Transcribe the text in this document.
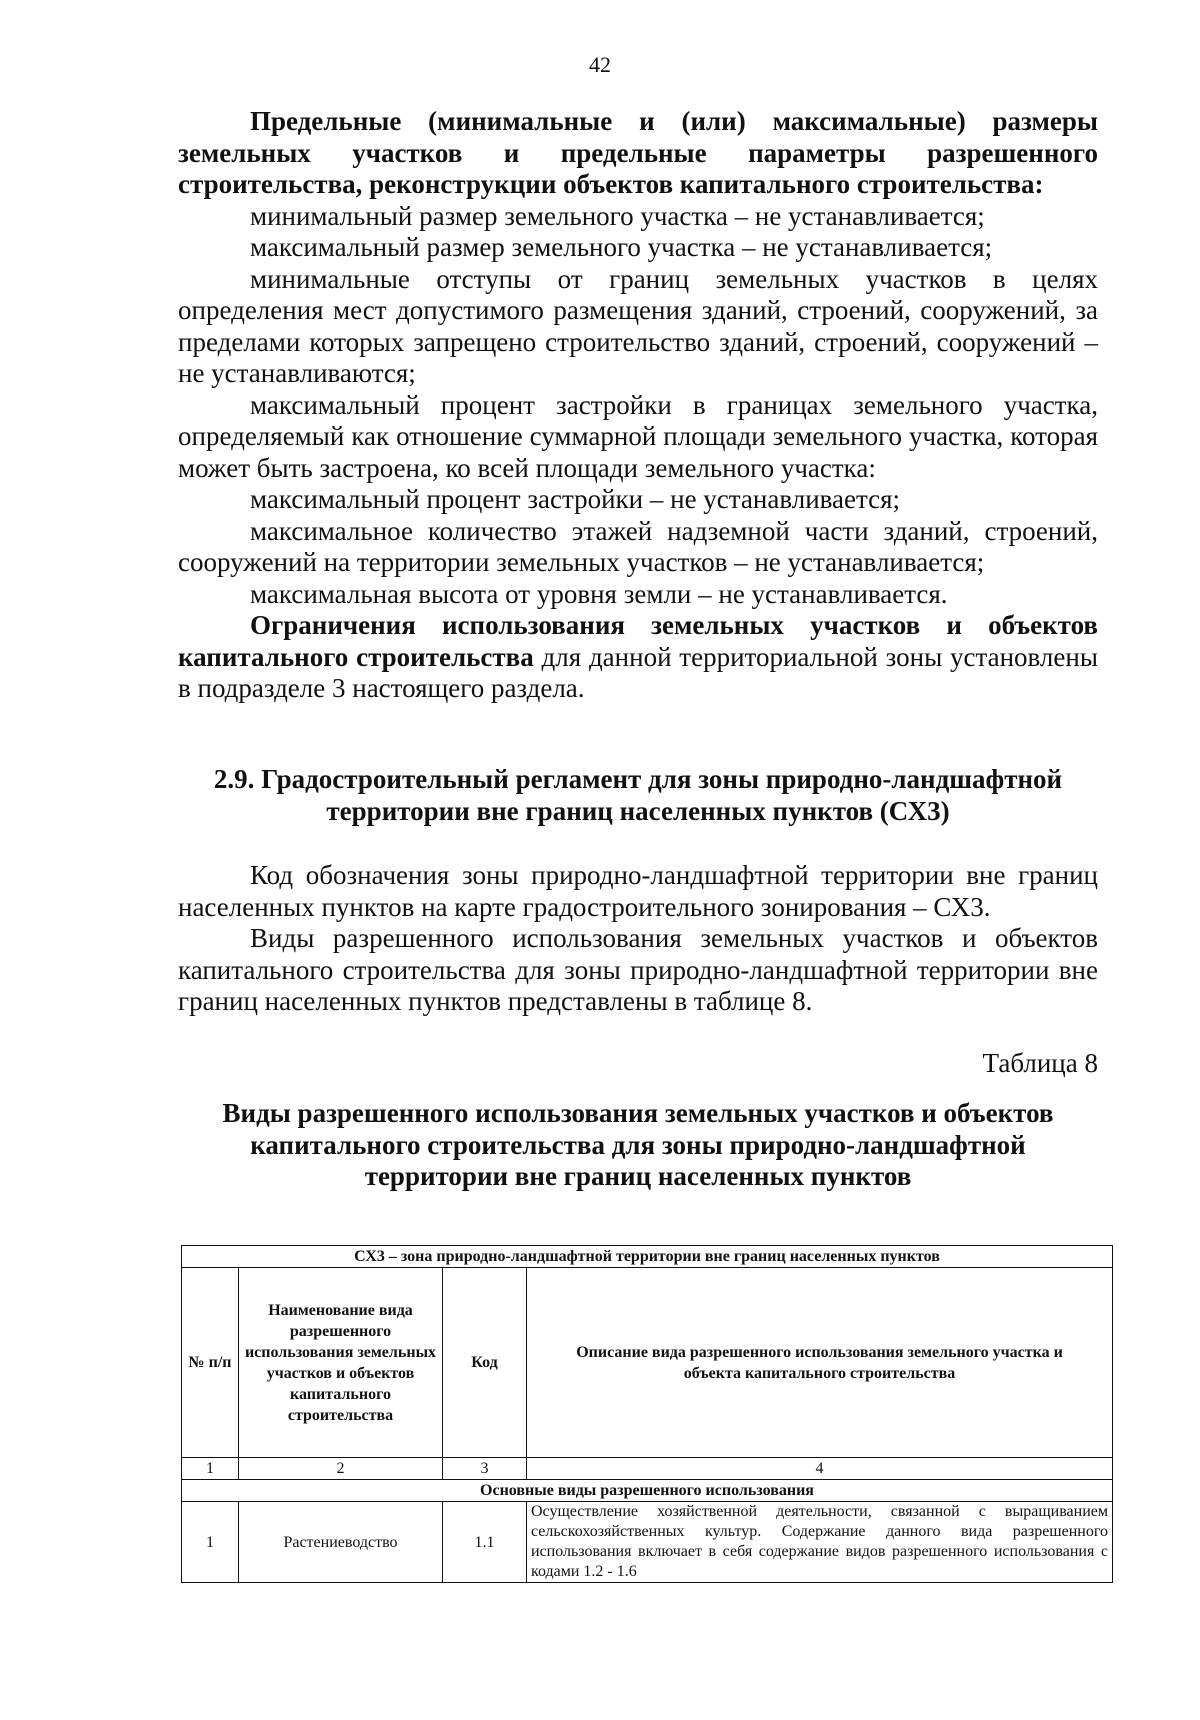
42

Предельные (минимальные и (или) максимальные) размеры земельных участков и предельные параметры разрешенного строительства, реконструкции объектов капитального строительства:

минимальный размер земельного участка – не устанавливается;

максимальный размер земельного участка – не устанавливается;

минимальные отступы от границ земельных участков в целях определения мест допустимого размещения зданий, строений, сооружений, за пределами которых запрещено строительство зданий, строений, сооружений – не устанавливаются;

максимальный процент застройки в границах земельного участка, определяемый как отношение суммарной площади земельного участка, которая может быть застроена, ко всей площади земельного участка:

максимальный процент застройки – не устанавливается;

максимальное количество этажей надземной части зданий, строений, сооружений на территории земельных участков – не устанавливается;

максимальная высота от уровня земли – не устанавливается.

Ограничения использования земельных участков и объектов капитального строительства для данной территориальной зоны установлены в подразделе 3 настоящего раздела.

2.9. Градостроительный регламент для зоны природно-ландшафтной территории вне границ населенных пунктов (СХ3)

Код обозначения зоны природно-ландшафтной территории вне границ населенных пунктов на карте градостроительного зонирования – СХ3.

Виды разрешенного использования земельных участков и объектов капитального строительства для зоны природно-ландшафтной территории вне границ населенных пунктов представлены в таблице 8.

Таблица 8
Виды разрешенного использования земельных участков и объектов капитального строительства для зоны природно-ландшафтной территории вне границ населенных пунктов
СХ3 – зона природно-ландшафтной территории вне границ населенных пунктов			
№ п/п	Наименование вида разрешенного использования земельных участков и объектов капитального строительства	Код	Описание вида разрешенного использования земельного участка и объекта капитального строительства
1	2	3	4
Основные виды разрешенного использования			
1	Растениеводство	1.1	Осуществление хозяйственной деятельности, связанной с выращиванием сельскохозяйственных культур. Содержание данного вида разрешенного использования включает в себя содержание видов разрешенного использования с кодами 1.2 - 1.6
